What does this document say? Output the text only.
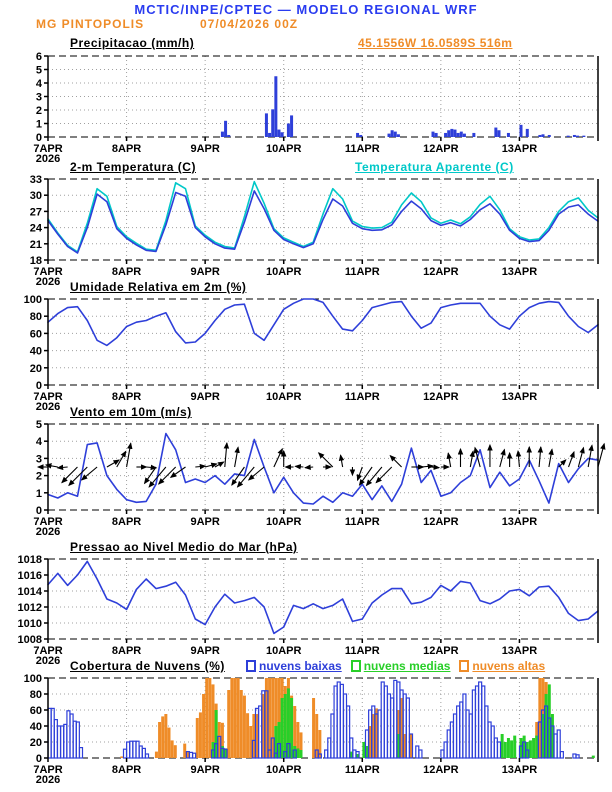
MCTIC/INPE/CPTEC — MODELO REGIONAL WRF
MG PINTOPOLIS	07/04/2026 00Z
Precipitacao (mm/h)	45.1556W 16.0589S 516m
2-m Temperatura (C)	Temperatura Aparente (C)
Umidade Relativa em 2m (%)
Vento em 10m (m/s)
Pressao ao Nivel Medio do Mar (hPa)
Cobertura de Nuvens (%)	nuvens baixas nuvens medias nuvens altas
0
1
2
3
4
5
6
7APR	8APR	9APR	10APR	11APR	12APR	13APR
2026
18
21
24
27
30
33
7APR	8APR	9APR	10APR	11APR	12APR	13APR
2026
0
20
40
60
80
100
7APR	8APR	9APR	10APR	11APR	12APR	13APR
2026
0
1
2
3
4
5
7APR	8APR	9APR	10APR	11APR	12APR	13APR
2026
1008
1010
1012
1014
1016
1018
7APR	8APR	9APR	10APR	11APR	12APR	13APR
2026
0
20
40
60
80
100
7APR	8APR	9APR	10APR	11APR	12APR	13APR
2026
